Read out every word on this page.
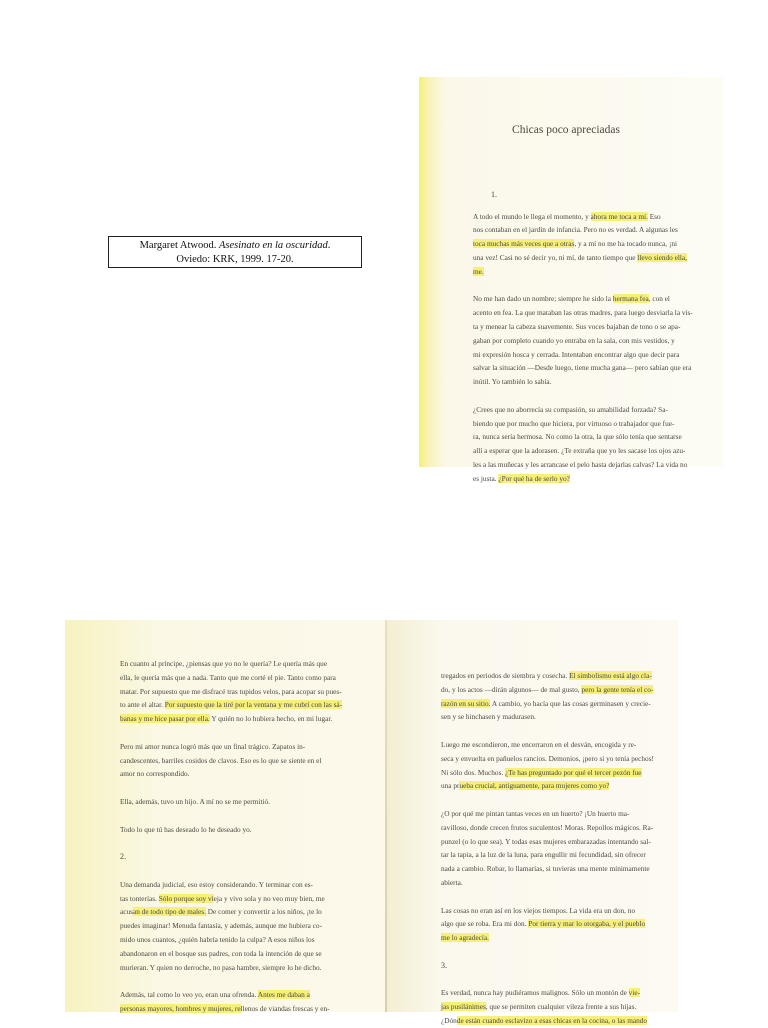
Margaret Atwood. Asesinato en la oscuridad.
Oviedo: KRK, 1999. 17-20.
Chicas poco apreciadas
1.

A todo el mundo le llega el momento, y ahora me toca a mí. Eso

nos contaban en el jardín de infancia. Pero no es verdad. A algunas les

toca muchas más veces que a otras, y a mí no me ha tocado nunca, ¡ni

una vez! Casi no sé decir yo, ni mí, de tanto tiempo que llevo siendo ella,

me.

No me han dado un nombre; siempre he sido la hermana fea, con el

acento en fea. La que mataban las otras madres, para luego desviarla la vis-

ta y menear la cabeza suavemente. Sus voces bajaban de tono o se apa-

gaban por completo cuando yo entraba en la sala, con mis vestidos, y

mi expresión hosca y cerrada. Intentaban encontrar algo que decir para

salvar la situación —Desde luego, tiene mucha gana— pero sabían que era

inútil. Yo también lo sabía.

¿Crees que no aborrecía su compasión, su amabilidad forzada? Sa-

biendo que por mucho que hiciera, por virtuoso o trabajador que fue-

ra, nunca sería hermosa. No como la otra, la que sólo tenía que sentarse

allí a esperar que la adorasen. ¿Te extraña que yo les sacase los ojos azu-

les a las muñecas y les arrancase el pelo hasta dejarlas calvas? La vida no

es justa. ¿Por qué ha de serlo yo?

En cuanto al príncipe, ¿piensas que yo no le quería? Le quería más que

ella, le quería más que a nada. Tanto que me corté el pie. Tanto como para

matar. Por supuesto que me disfracé tras tupidos velos, para acopar su pues-

to ante el altar. Por supuesto que la tiré por la ventana y me cubrí con las sá-

banas y me hice pasar por ella. Y quién no lo hubiera hecho, en mi lugar.

Pero mi amor nunca logró más que un final trágico. Zapatos in-

candescentes, barriles cosidos de clavos. Eso es lo que se siente en el

amor no correspondido.

Ella, además, tuvo un hijo. A mí no se me permitió.

Todo lo que tú has deseado lo he deseado yo.

2.

Una demanda judicial, eso estoy considerando. Y terminar con es-

tas tonterías. Sólo porque soy vieja y vivo sola y no veo muy bien, me

acusan de todo tipo de males. De comer y convertir a los niños, ¡te lo

puedes imaginar! Menuda fantasía, y además, aunque me hubiera co-

mido unos cuantos, ¿quién habría tenido la culpa? A esos niños los

abandonaron en el bosque sus padres, con toda la intención de que se

murieran. Y quien no derroche, no pasa hambre, siempre lo he dicho.

Además, tal como lo veo yo, eran una ofrenda. Antes me daban a

personas mayores, hombres y mujeres, rellenos de viandas frescas y en-

tregados en periodos de siembra y cosecha. El simbolismo está algo cla-

do, y los actos —dirán algunos— de mal gusto, pero la gente tenía el co-

razón en su sitio. A cambio, yo hacía que las cosas germinasen y crecie-

sen y se hinchasen y madurasen.

Luego me escondieron, me encerraron en el desván, encogida y re-

seca y envuelta en pañuelos rancios. Demonios, ¡pero si yo tenía pechos!

Ni sólo dos. Muchos. ¿Te has preguntado por qué el tercer pezón fue

una prueba crucial, antiguamente, para mujeres como yo?

¿O por qué me pintan tantas veces en un huerto? ¡Un huerto ma-

ravilloso, donde crecen frutos suculentos! Moras. Repollos mágicos. Ra-

punzel (o lo que sea). Y todas esas mujeres embarazadas intentando sal-

tar la tapia, a la luz de la luna, para engullir mi fecundidad, sin ofrecer

nada a cambio. Robar, lo llamarías, si tuvieras una mente mínimamente

abierta.

Las cosas no eran así en los viejos tiempos. La vida era un don, no

algo que se roba. Era mi don. Por tierra y mar lo otorgaba, y el pueblo

me lo agradecía.

3.

Es verdad, nunca hay pudiéramos malignos. Sólo un montón de vie-

jas pusilánimes, que se permiten cualquier vileza frente a sus hijas.

¿Dónde están cuando esclavizo a esas chicas en la cocina, o las mando
